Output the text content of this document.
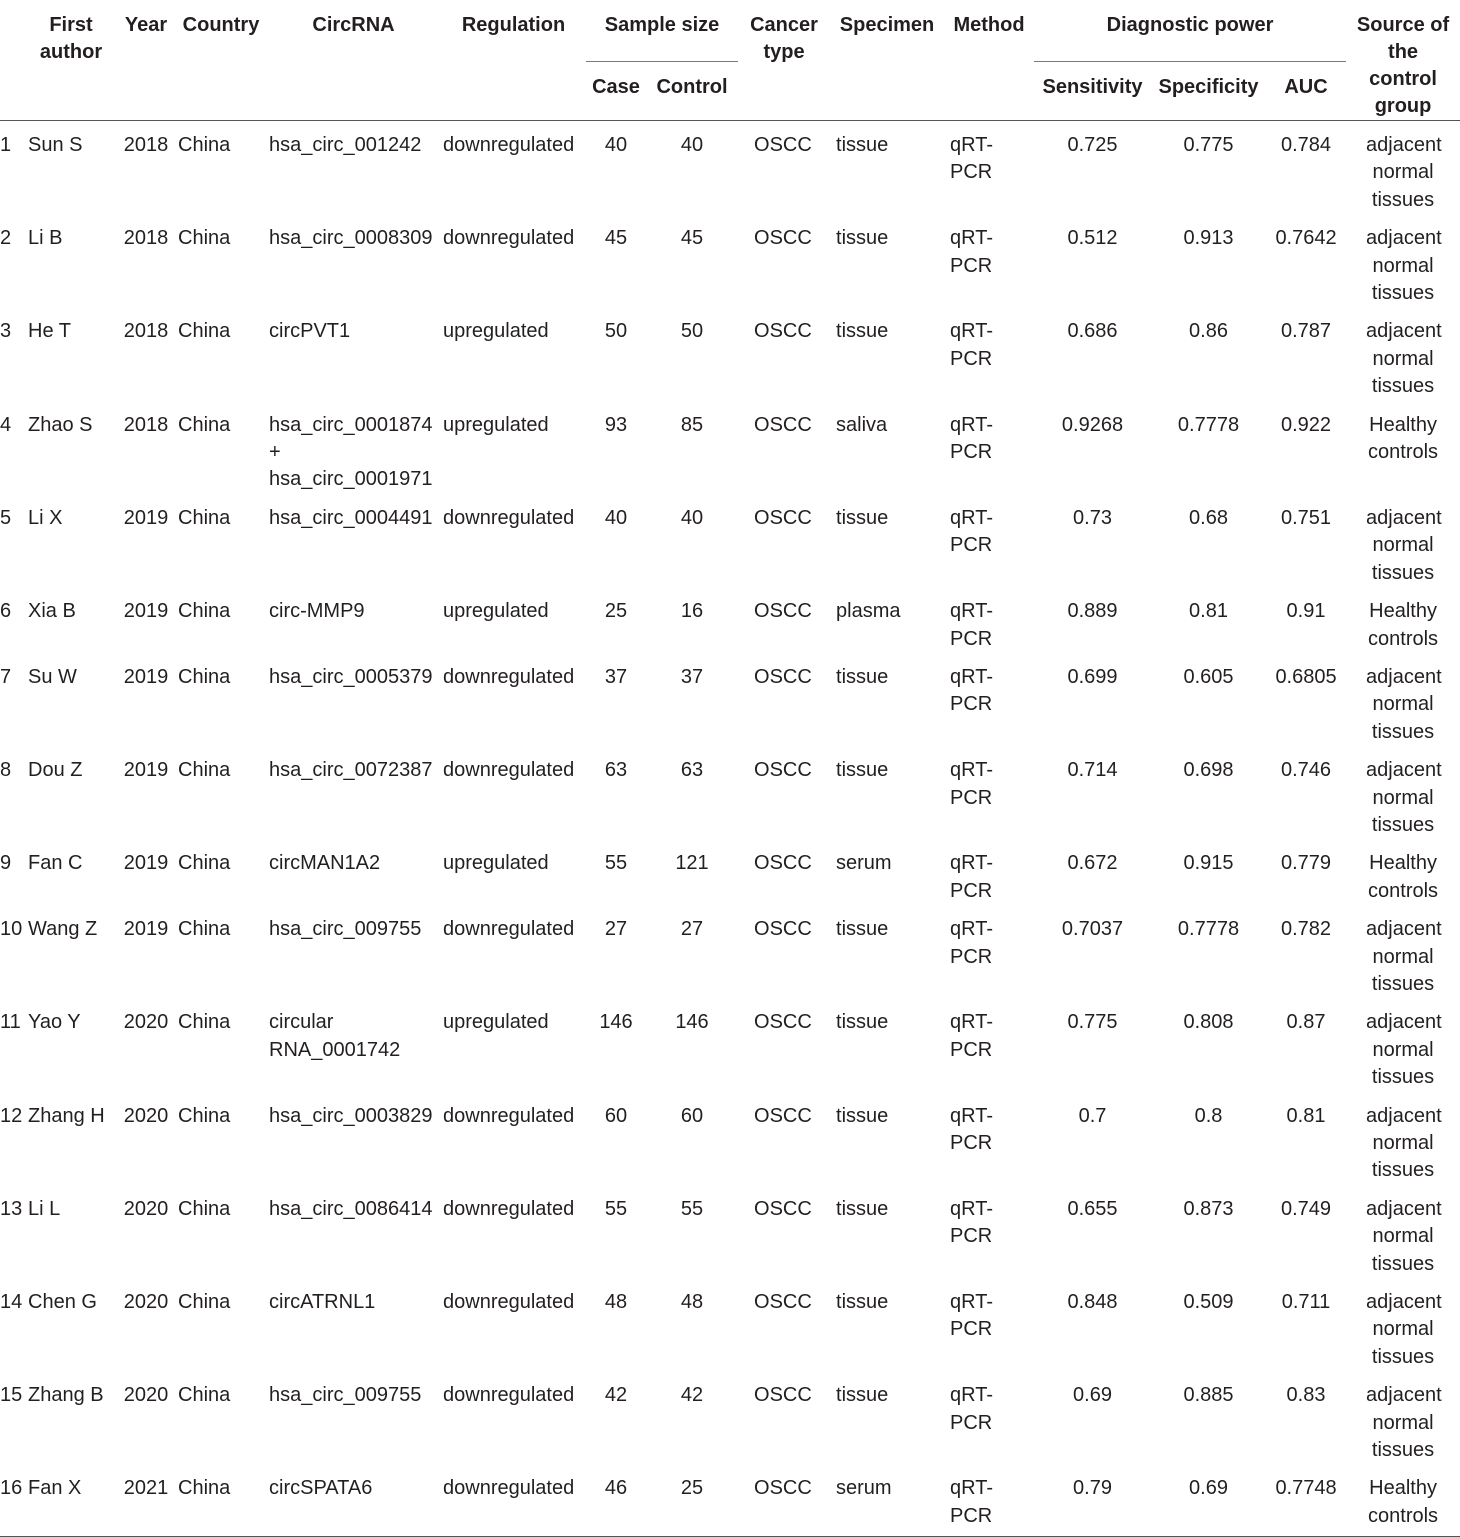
	First author	Year	Country	CircRNA	Regulation	Sample size		Cancer type	Specimen	Method	Diagnostic power			Source of the control group
						Case	Control				Sensitivity	Specificity	AUC	
1	Sun S	2018	China	hsa_circ_001242	downregulated	40	40	OSCC	tissue	qRT-PCR	0.725	0.775	0.784	adjacent normal tissues
2	Li B	2018	China	hsa_circ_0008309	downregulated	45	45	OSCC	tissue	qRT-PCR	0.512	0.913	0.7642	adjacent normal tissues
3	He T	2018	China	circPVT1	upregulated	50	50	OSCC	tissue	qRT-PCR	0.686	0.86	0.787	adjacent normal tissues
4	Zhao S	2018	China	hsa_circ_0001874 + hsa_circ_0001971	upregulated	93	85	OSCC	saliva	qRT-PCR	0.9268	0.7778	0.922	Healthy controls
5	Li X	2019	China	hsa_circ_0004491	downregulated	40	40	OSCC	tissue	qRT-PCR	0.73	0.68	0.751	adjacent normal tissues
6	Xia B	2019	China	circ-MMP9	upregulated	25	16	OSCC	plasma	qRT-PCR	0.889	0.81	0.91	Healthy controls
7	Su W	2019	China	hsa_circ_0005379	downregulated	37	37	OSCC	tissue	qRT-PCR	0.699	0.605	0.6805	adjacent normal tissues
8	Dou Z	2019	China	hsa_circ_0072387	downregulated	63	63	OSCC	tissue	qRT-PCR	0.714	0.698	0.746	adjacent normal tissues
9	Fan C	2019	China	circMAN1A2	upregulated	55	121	OSCC	serum	qRT-PCR	0.672	0.915	0.779	Healthy controls
10	Wang Z	2019	China	hsa_circ_009755	downregulated	27	27	OSCC	tissue	qRT-PCR	0.7037	0.7778	0.782	adjacent normal tissues
11	Yao Y	2020	China	circular RNA_0001742	upregulated	146	146	OSCC	tissue	qRT-PCR	0.775	0.808	0.87	adjacent normal tissues
12	Zhang H	2020	China	hsa_circ_0003829	downregulated	60	60	OSCC	tissue	qRT-PCR	0.7	0.8	0.81	adjacent normal tissues
13	Li L	2020	China	hsa_circ_0086414	downregulated	55	55	OSCC	tissue	qRT-PCR	0.655	0.873	0.749	adjacent normal tissues
14	Chen G	2020	China	circATRNL1	downregulated	48	48	OSCC	tissue	qRT-PCR	0.848	0.509	0.711	adjacent normal tissues
15	Zhang B	2020	China	hsa_circ_009755	downregulated	42	42	OSCC	tissue	qRT-PCR	0.69	0.885	0.83	adjacent normal tissues
16	Fan X	2021	China	circSPATA6	downregulated	46	25	OSCC	serum	qRT-PCR	0.79	0.69	0.7748	Healthy controls
